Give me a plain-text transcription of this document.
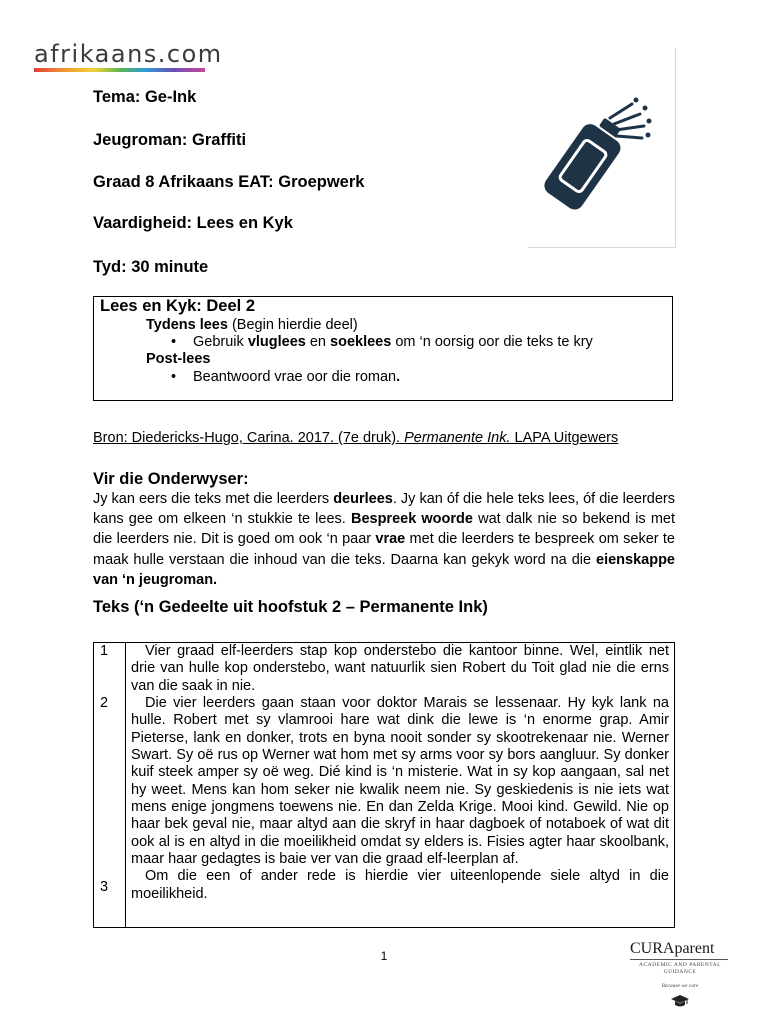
afrikaans.com
Tema: Ge-Ink
Jeugroman: Graffiti
Graad 8 Afrikaans EAT: Groepwerk
Vaardigheid: Lees en Kyk
Tyd: 30 minute
Lees en Kyk: Deel 2
Tydens lees (Begin hierdie deel)
• Gebruik vluglees en soeklees om ‘n oorsig oor die teks te kry
Post-lees
• Beantwoord vrae oor die roman.
Bron: Diedericks-Hugo, Carina. 2017. (7e druk). Permanente Ink. LAPA Uitgewers
Vir die Onderwyser:
Jy kan eers die teks met die leerders deurlees. Jy kan óf die hele teks lees, óf die leerders kans gee om elkeen ‘n stukkie te lees. Bespreek woorde wat dalk nie so bekend is met die leerders nie. Dit is goed om ook ‘n paar vrae met die leerders te bespreek om seker te maak hulle verstaan die inhoud van die teks. Daarna kan gekyk word na die eienskappe van ‘n jeugroman.
Teks (‘n Gedeelte uit hoofstuk 2 – Permanente Ink)
1
2
3

Vier graad elf-leerders stap kop onderstebo die kantoor binne. Wel, eintlik net drie van hulle kop onderstebo, want natuurlik sien Robert du Toit glad nie die erns van die saak in nie.

Die vier leerders gaan staan voor doktor Marais se lessenaar. Hy kyk lank na hulle. Robert met sy vlamrooi hare wat dink die lewe is ‘n enorme grap. Amir Pieterse, lank en donker, trots en byna nooit sonder sy skootrekenaar nie. Werner Swart. Sy oë rus op Werner wat hom met sy arms voor sy bors aangluur. Sy donker kuif steek amper sy oë weg. Dié kind is ‘n misterie. Wat in sy kop aangaan, sal net hy weet. Mens kan hom seker nie kwalik neem nie. Sy geskiedenis is nie iets wat mens enige jongmens toewens nie. En dan Zelda Krige. Mooi kind. Gewild. Nie op haar bek geval nie, maar altyd aan die skryf in haar dagboek of notaboek of wat dit ook al is en altyd in die moeilikheid omdat sy elders is. Fisies agter haar skoolbank, maar haar gedagtes is baie ver van die graad elf-leerplan af.

Om die een of ander rede is hierdie vier uiteenlopende siele altyd in die moeilikheid.

1	CURAparent
ACADEMIC AND PARENTAL
GUIDANCE
Because we care
